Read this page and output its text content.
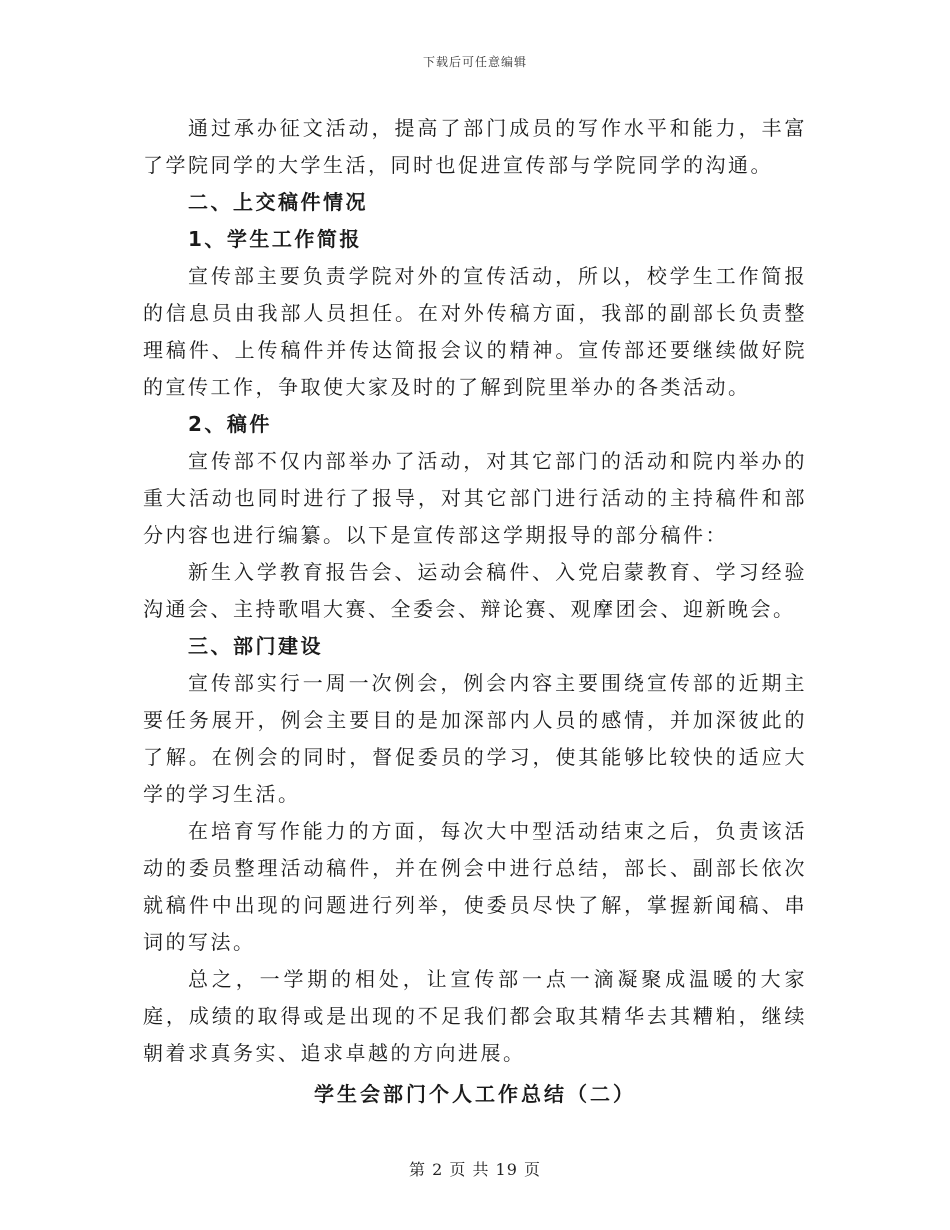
下载后可任意编辑

通过承办征文活动，提高了部门成员的写作水平和能力，丰富了学院同学的大学生活，同时也促进宣传部与学院同学的沟通。

二、上交稿件情况

1、学生工作简报

宣传部主要负责学院对外的宣传活动，所以，校学生工作简报的信息员由我部人员担任。在对外传稿方面，我部的副部长负责整理稿件、上传稿件并传达简报会议的精神。宣传部还要继续做好院的宣传工作，争取使大家及时的了解到院里举办的各类活动。

2、稿件

宣传部不仅内部举办了活动，对其它部门的活动和院内举办的重大活动也同时进行了报导，对其它部门进行活动的主持稿件和部分内容也进行编纂。以下是宣传部这学期报导的部分稿件：

新生入学教育报告会、运动会稿件、入党启蒙教育、学习经验沟通会、主持歌唱大赛、全委会、辩论赛、观摩团会、迎新晚会。

三、部门建设

宣传部实行一周一次例会，例会内容主要围绕宣传部的近期主要任务展开，例会主要目的是加深部内人员的感情，并加深彼此的了解。在例会的同时，督促委员的学习，使其能够比较快的适应大学的学习生活。

在培育写作能力的方面，每次大中型活动结束之后，负责该活动的委员整理活动稿件，并在例会中进行总结，部长、副部长依次就稿件中出现的问题进行列举，使委员尽快了解，掌握新闻稿、串词的写法。

总之，一学期的相处，让宣传部一点一滴凝聚成温暖的大家庭，成绩的取得或是出现的不足我们都会取其精华去其糟粕，继续朝着求真务实、追求卓越的方向进展。

学生会部门个人工作总结（二）

第 2 页 共 19 页
